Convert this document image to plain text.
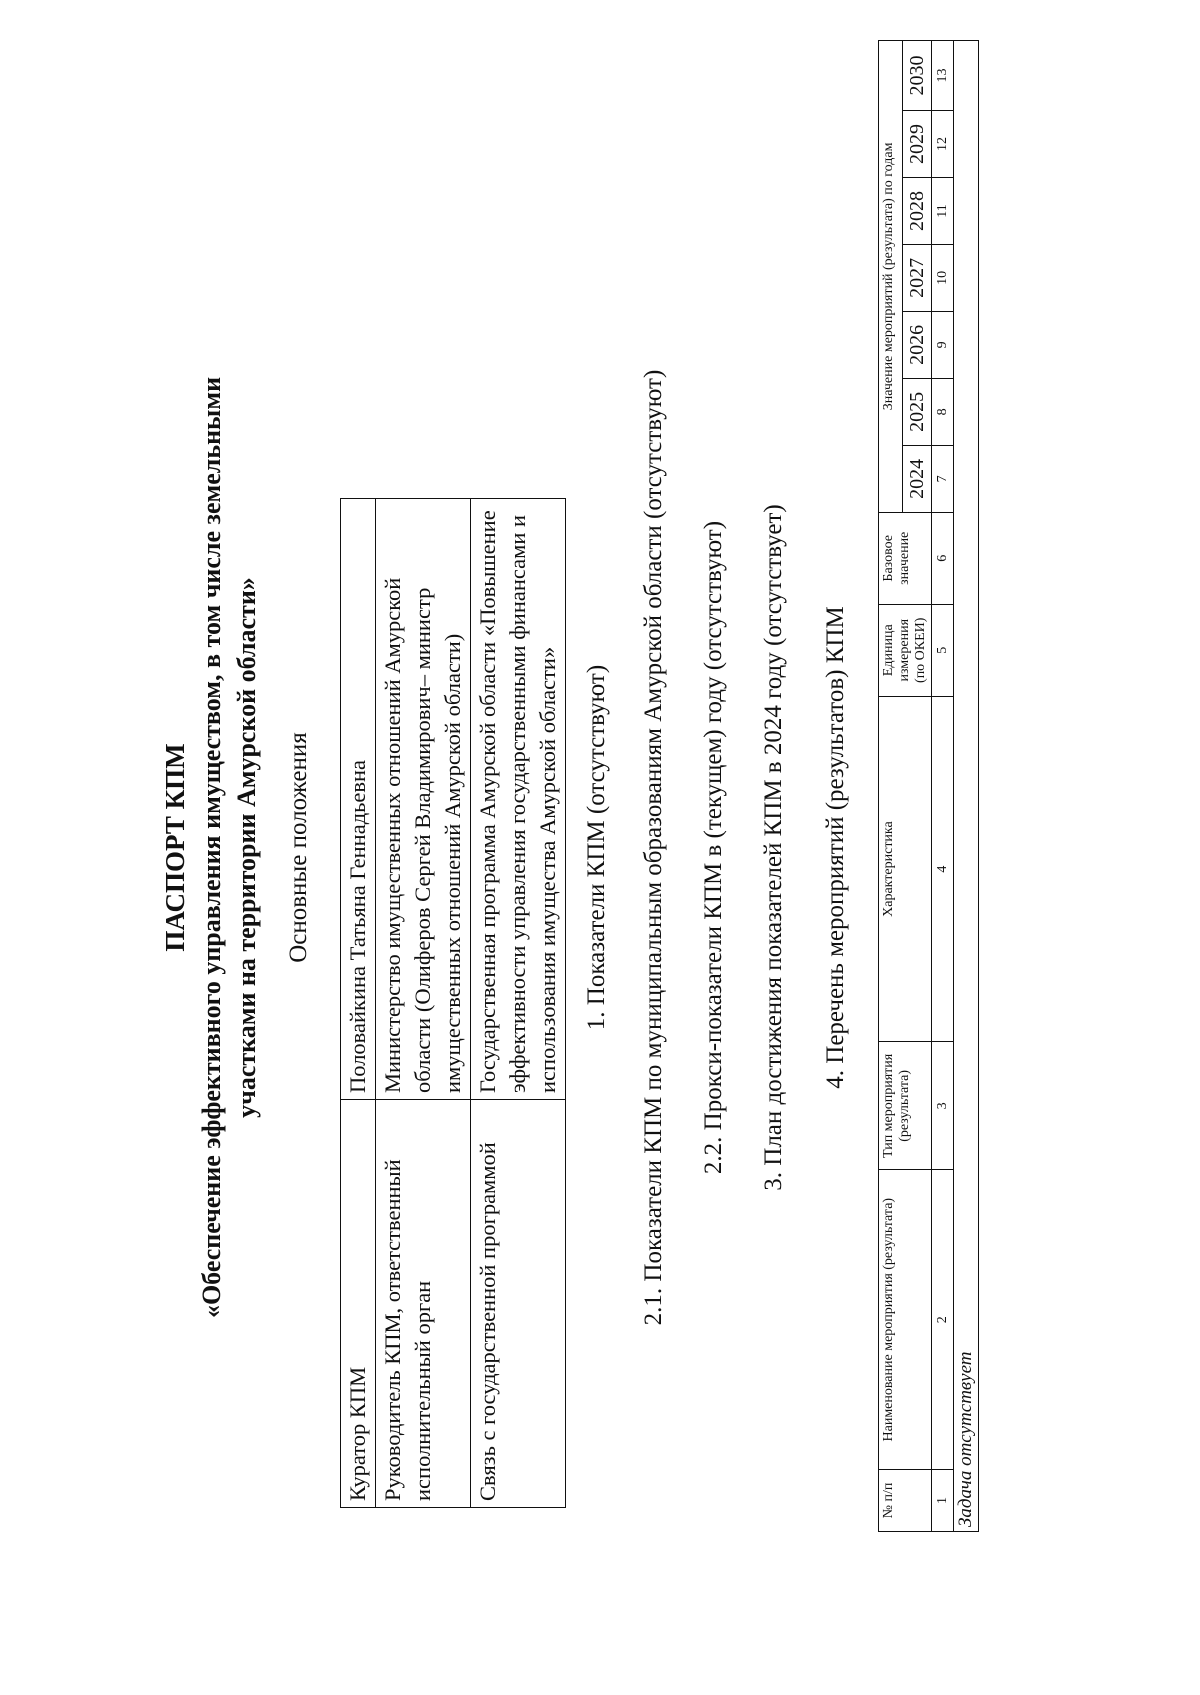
ПАСПОРТ КПМ «Обеспечение эффективного управления имуществом, в том числе земельными участками на территории Амурской области» Основные положения
Куратор КПМ	Половайкина Татьяна Геннадьевна
Руководитель КПМ, ответственный исполнительный орган	Министерство имущественных отношений Амурской области (Олиферов Сергей Владимирович– министр имущественных отношений Амурской области)
Связь с государственной программой	Государственная программа Амурской области «Повышение эффективности управления государственными финансами и использования имущества Амурской области» 1. Показатели КПМ (отсутствуют) 2.1. Показатели КПМ по муниципальным образованиям Амурской области (отсутствуют) 2.2. Прокси-показатели КПМ в (текущем) году (отсутствуют) 3. План достижения показателей КПМ в 2024 году (отсутствует) 4. Перечень мероприятий (результатов) КПМ
№ п/п	Наименование мероприятия (результата)	Тип мероприятия (результата)	Характеристика	Единица измерения (по ОКЕИ)	Базовое значение	Значение мероприятий (результата) по годам						
						2024	2025	2026	2027	2028	2029	2030
1	2	3	4	5	6	7	8	9	10	11	12	13
Задача отсутствует												
